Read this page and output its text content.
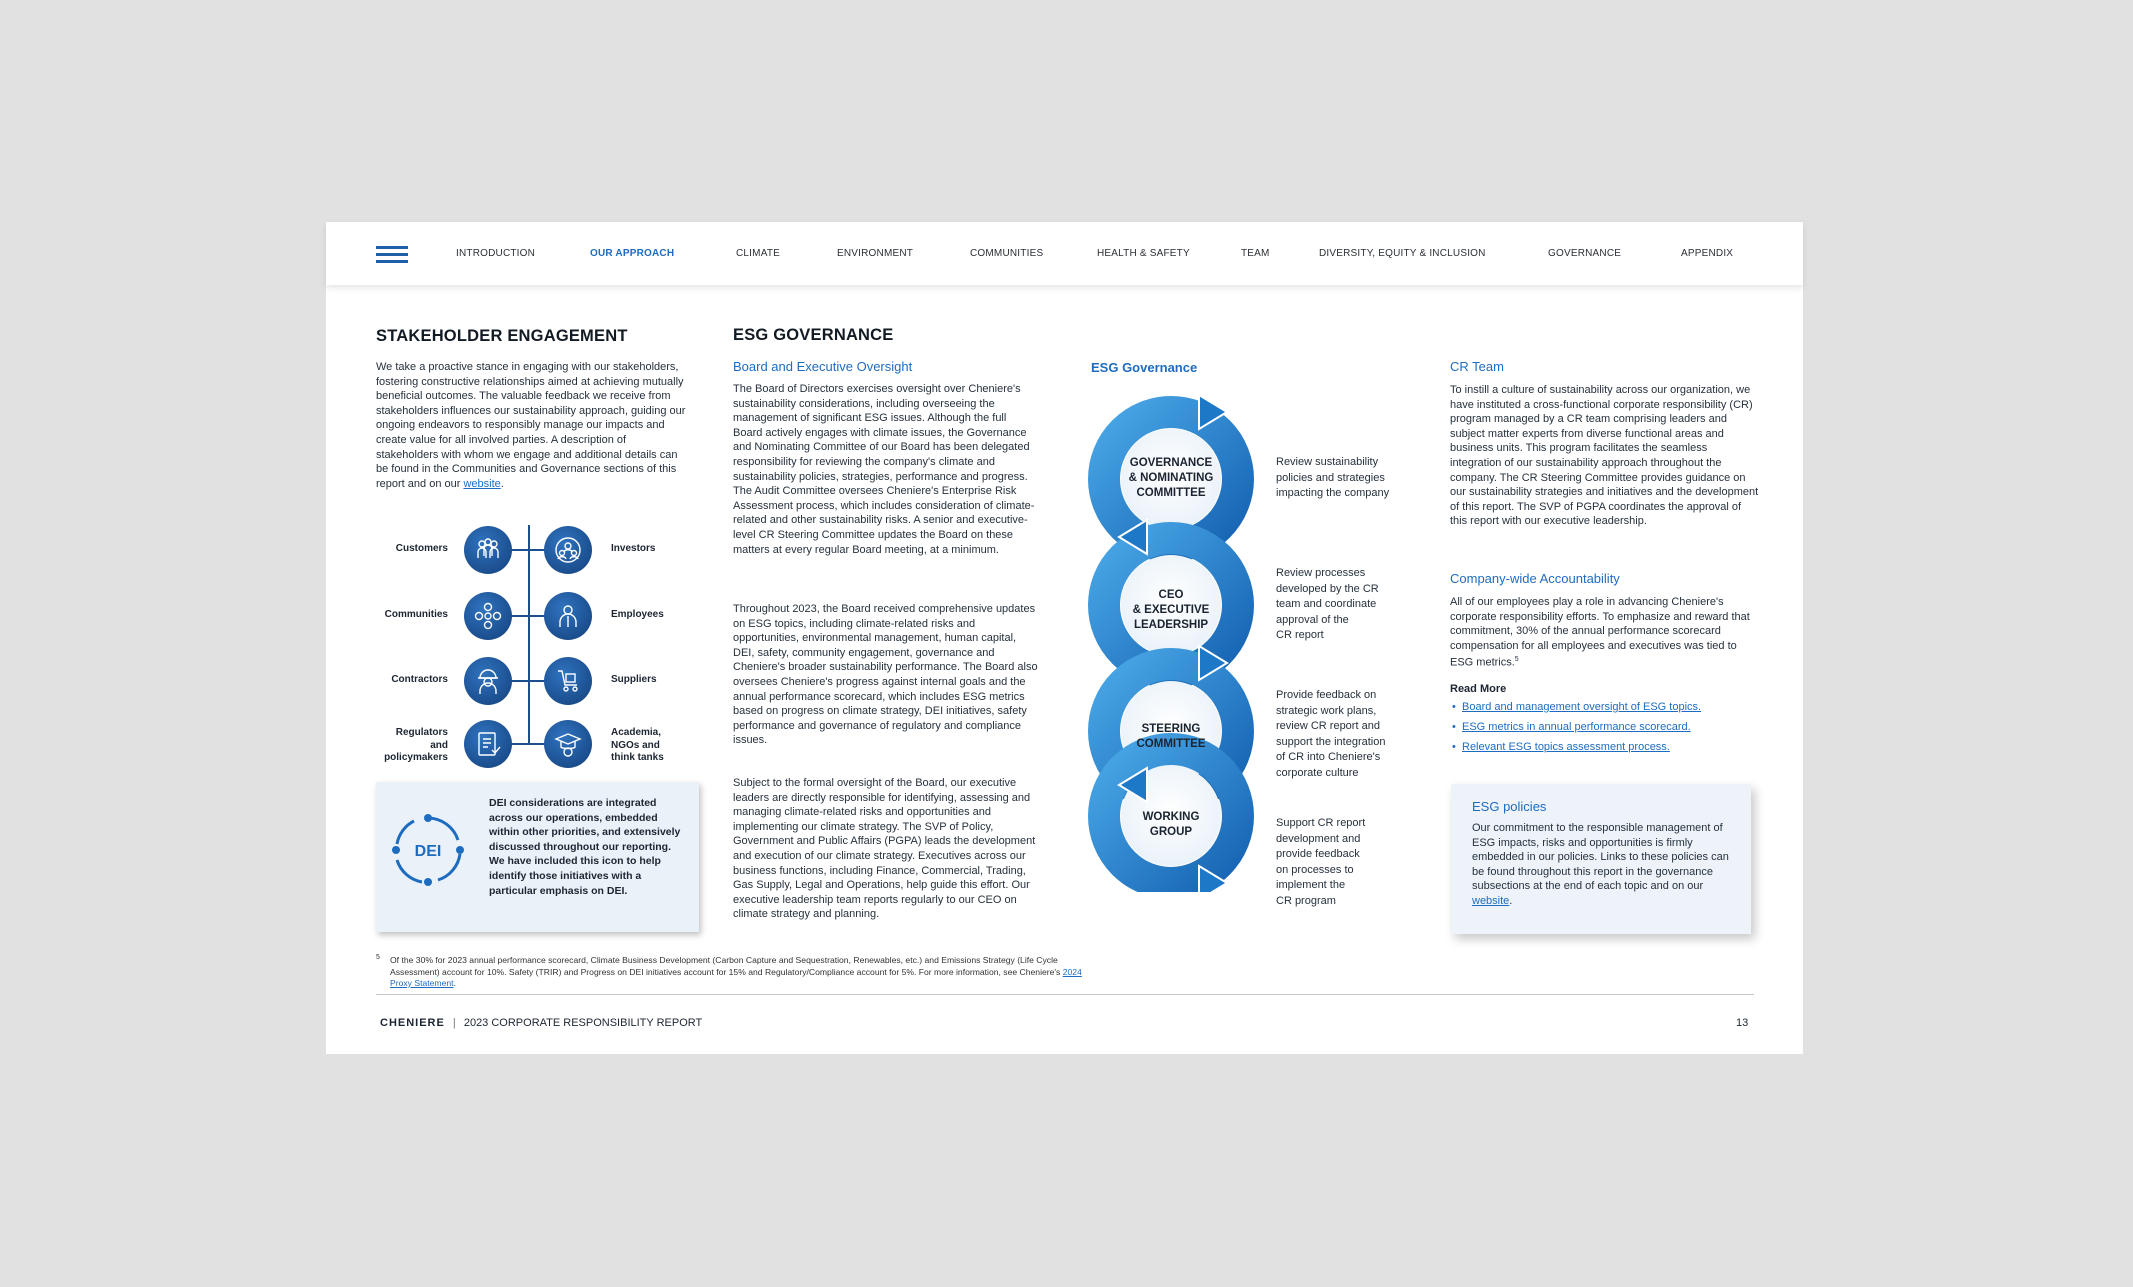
INTRODUCTION	OUR APPROACH	CLIMATE	ENVIRONMENT	COMMUNITIES	HEALTH & SAFETY	TEAM	DIVERSITY, EQUITY & INCLUSION	GOVERNANCE	APPENDIX
STAKEHOLDER ENGAGEMENT
We take a proactive stance in engaging with our stakeholders, fostering constructive relationships aimed at achieving mutually beneficial outcomes. The valuable feedback we receive from stakeholders influences our sustainability approach, guiding our ongoing endeavors to responsibly manage our impacts and create value for all involved parties. A description of stakeholders with whom we engage and additional details can be found in the Communities and Governance sections of this report and on our website.
Customers	Investors
Communities	Employees
Contractors	Suppliers
Regulators
and
policymakers
Academia,
NGOs and
think tanks
DEI
DEI considerations are integrated across our operations, embedded within other priorities, and extensively discussed throughout our reporting. We have included this icon to help identify those initiatives with a particular emphasis on DEI.
5 Of the 30% for 2023 annual performance scorecard, Climate Business Development (Carbon Capture and Sequestration, Renewables, etc.) and Emissions Strategy (Life Cycle Assessment) account for 10%. Safety (TRIR) and Progress on DEI initiatives account for 15% and Regulatory/Compliance account for 5%. For more information, see Cheniere's 2024 Proxy Statement.
ESG GOVERNANCE
Board and Executive Oversight
The Board of Directors exercises oversight over Cheniere's sustainability considerations, including overseeing the management of significant ESG issues. Although the full Board actively engages with climate issues, the Governance and Nominating Committee of our Board has been delegated responsibility for reviewing the company's climate and sustainability policies, strategies, performance and progress. The Audit Committee oversees Cheniere's Enterprise Risk Assessment process, which includes consideration of climate-related and other sustainability risks. A senior and executive-level CR Steering Committee updates the Board on these matters at every regular Board meeting, at a minimum.
Throughout 2023, the Board received comprehensive updates on ESG topics, including climate-related risks and opportunities, environmental management, human capital, DEI, safety, community engagement, governance and Cheniere's broader sustainability performance. The Board also oversees Cheniere's progress against internal goals and the annual performance scorecard, which includes ESG metrics based on progress on climate strategy, DEI initiatives, safety performance and governance of regulatory and compliance issues.
Subject to the formal oversight of the Board, our executive leaders are directly responsible for identifying, assessing and managing climate-related risks and opportunities and implementing our climate strategy. The SVP of Policy, Government and Public Affairs (PGPA) leads the development and execution of our climate strategy. Executives across our business functions, including Finance, Commercial, Trading, Gas Supply, Legal and Operations, help guide this effort. Our executive leadership team reports regularly to our CEO on climate strategy and planning.
ESG Governance
GOVERNANCE
& NOMINATING
COMMITTEE
CEO
& EXECUTIVE
LEADERSHIP
STEERING
COMMITTEE
WORKING
GROUP
Review sustainability
policies and strategies
impacting the company
Review processes
developed by the CR
team and coordinate
approval of the
CR report
Provide feedback on
strategic work plans,
review CR report and
support the integration
of CR into Cheniere's
corporate culture
Support CR report
development and
provide feedback
on processes to
implement the
CR program
CR Team
To instill a culture of sustainability across our organization, we have instituted a cross-functional corporate responsibility (CR) program managed by a CR team comprising leaders and subject matter experts from diverse functional areas and business units. This program facilitates the seamless integration of our sustainability approach throughout the company. The CR Steering Committee provides guidance on our sustainability strategies and initiatives and the development of this report. The SVP of PGPA coordinates the approval of this report with our executive leadership.
Company-wide Accountability
All of our employees play a role in advancing Cheniere's corporate responsibility efforts. To emphasize and reward that commitment, 30% of the annual performance scorecard compensation for all employees and executives was tied to ESG metrics.$^5$
Read More
• Board and management oversight of ESG topics.
• ESG metrics in annual performance scorecard.
• Relevant ESG topics assessment process.
ESG policies
Our commitment to the responsible management of ESG impacts, risks and opportunities is firmly embedded in our policies. Links to these policies can be found throughout this report in the governance subsections at the end of each topic and on our website.
CHENIERE | 2023 CORPORATE RESPONSIBILITY REPORT	13
